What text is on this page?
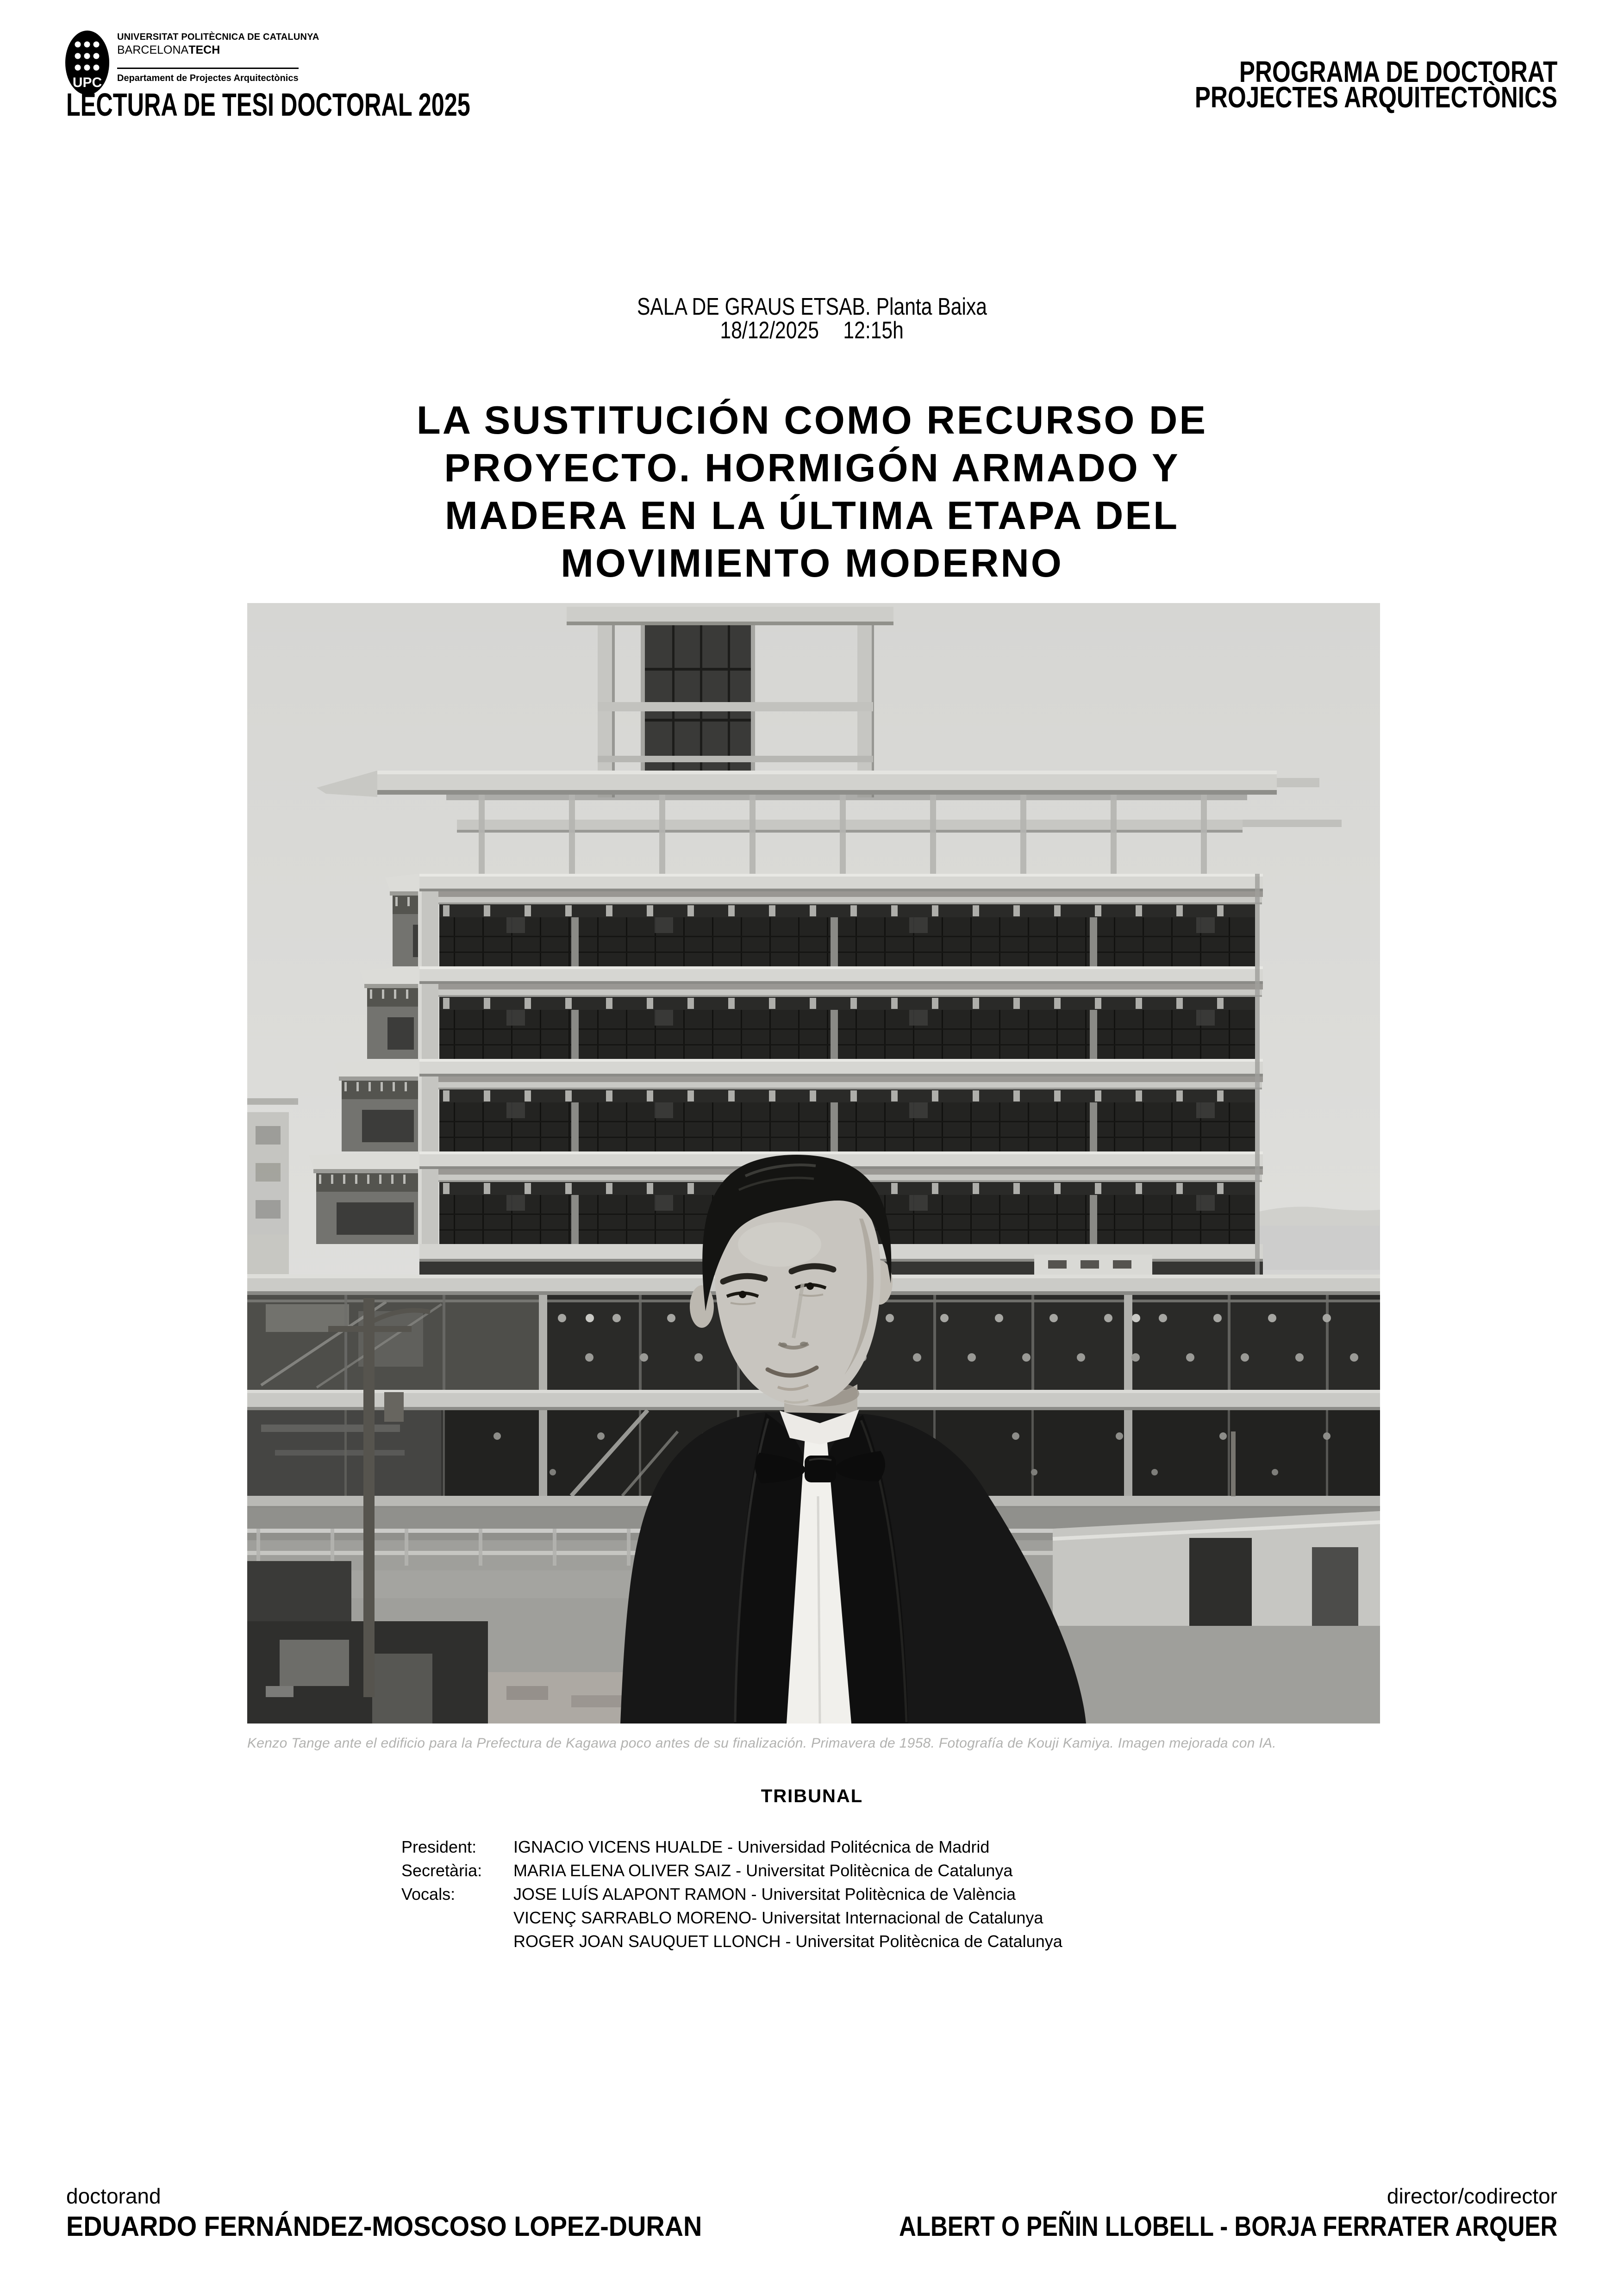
UPC
UNIVERSITAT POLITÈCNICA DE CATALUNYA
BARCELONATECH
Departament de Projectes Arquitectònics
LECTURA DE TESI DOCTORAL 2025
PROGRAMA DE DOCTORAT
PROJECTES ARQUITECTÒNICS
SALA DE GRAUS ETSAB. Planta Baixa
18/12/2025 12:15h
LA SUSTITUCIÓN COMO RECURSO DE
PROYECTO. HORMIGÓN ARMADO Y
MADERA EN LA ÚLTIMA ETAPA DEL
MOVIMIENTO MODERNO
Kenzo Tange ante el edificio para la Prefectura de Kagawa poco antes de su finalización. Primavera de 1958. Fotografía de Kouji Kamiya. Imagen mejorada con IA.
TRIBUNAL
President:	IGNACIO VICENS HUALDE - Universidad Politécnica de Madrid
Secretària:	MARIA ELENA OLIVER SAIZ - Universitat Politècnica de Catalunya
Vocals:	JOSE LUÍS ALAPONT RAMON - Universitat Politècnica de València
VICENÇ SARRABLO MORENO- Universitat Internacional de Catalunya
ROGER JOAN SAUQUET LLONCH - Universitat Politècnica de Catalunya
doctorand
EDUARDO FERNÁNDEZ-MOSCOSO LOPEZ-DURAN
director/codirector
ALBERT O PEÑIN LLOBELL - BORJA FERRATER ARQUER
